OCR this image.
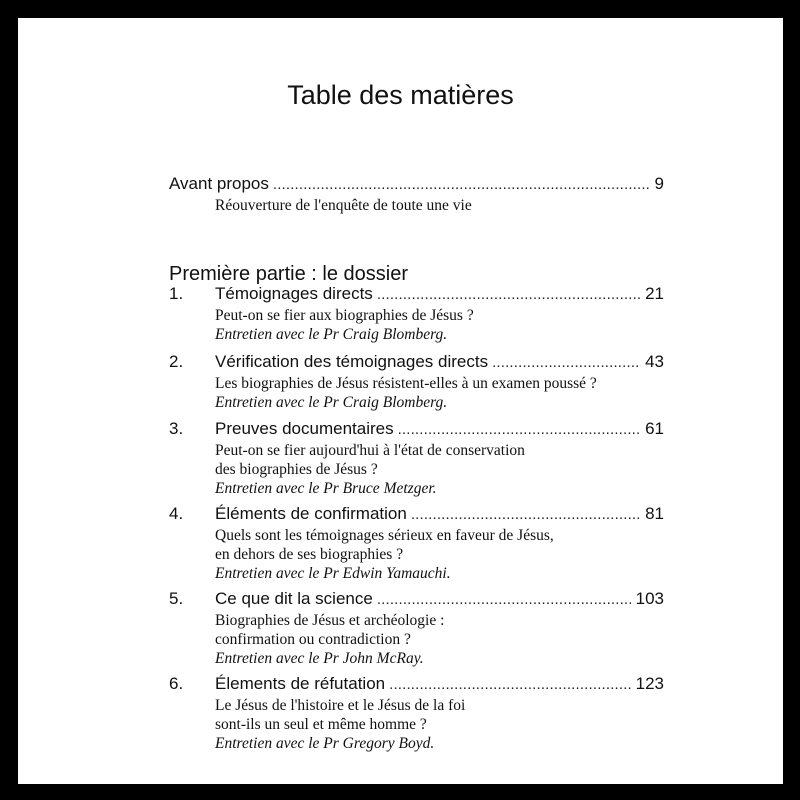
Table des matières
Avant propos . . .	9
Réouverture de l'enquête de toute une vie
Première partie : le dossier
1.	Témoignages directs . . .	21
Peut-on se fier aux biographies de Jésus ?
Entretien avec le Pr Craig Blomberg.
2.	Vérification des témoignages directs . . .	43
Les biographies de Jésus résistent-elles à un examen poussé ?
Entretien avec le Pr Craig Blomberg.
3.	Preuves documentaires . . .	61
Peut-on se fier aujourd'hui à l'état de conservation
des biographies de Jésus ?
Entretien avec le Pr Bruce Metzger.
4.	Éléments de confirmation . . .	81
Quels sont les témoignages sérieux en faveur de Jésus,
en dehors de ses biographies ?
Entretien avec le Pr Edwin Yamauchi.
5.	Ce que dit la science . . .	103
Biographies de Jésus et archéologie :
confirmation ou contradiction ?
Entretien avec le Pr John McRay.
6.	Élements de réfutation . . .	123
Le Jésus de l'histoire et le Jésus de la foi
sont-ils un seul et même homme ?
Entretien avec le Pr Gregory Boyd.
